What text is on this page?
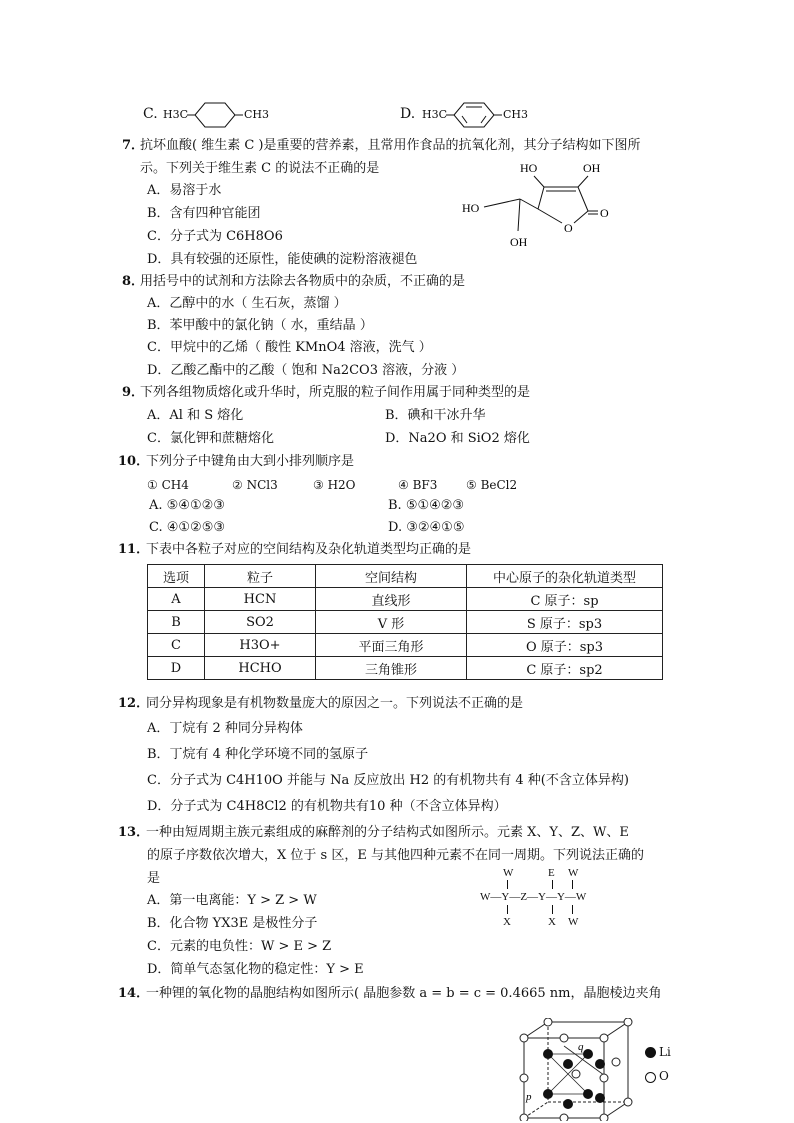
C. H3C	CH3	D. H3C	CH3
7．
抗坏血酸( 维生素 C )是重要的营养素，且常用作食品的抗氧化剂，其分子结构如下图所
示。下列关于维生素 C 的说法不正确的是
A．易溶于水
B．含有四种官能团
C．分子式为 C6H8O6
D．具有较强的还原性，能使碘的淀粉溶液褪色
HO	OH
HO
OH
O
O
8．
用括号中的试剂和方法除去各物质中的杂质，不正确的是
A．乙醇中的水（ 生石灰，蒸馏 ）
B．苯甲酸中的氯化钠（ 水，重结晶 ）
C．甲烷中的乙烯（ 酸性 KMnO4 溶液，洗气 ）
D．乙酸乙酯中的乙酸（ 饱和 Na2CO3 溶液，分液 ）
9．
下列各组物质熔化或升华时，所克服的粒子间作用属于同种类型的是
A．Al 和 S 熔化	B．碘和干冰升华
C．氯化钾和蔗糖熔化	D．Na2O 和 SiO2 熔化
10．
下列分子中键角由大到小排列顺序是
① CH4	② NCl3	③ H2O	④ BF3 ⑤ BeCl2
A. ⑤④①②③	B. ⑤①④②③
C. ④①②⑤③	D. ③②④①⑤
11．
下表中各粒子对应的空间结构及杂化轨道类型均正确的是
选项	粒子	空间结构	中心原子的杂化轨道类型
A	HCN	直线形	C 原子：sp
B	SO2	V 形	S 原子：sp3
C	H3O+	平面三角形	O 原子：sp3
D	HCHO	三角锥形	C 原子：sp2
12．
同分异构现象是有机物数量庞大的原因之一。下列说法不正确的是
A．丁烷有 2 种同分异构体
B．丁烷有 4 种化学环境不同的氢原子
C．分子式为 C4H10O 并能与 Na 反应放出 H2 的有机物共有 4 种(不含立体异构)
D．分子式为 C4H8Cl2 的有机物共有10 种（不含立体异构）
13．
一种由短周期主族元素组成的麻醉剂的分子结构式如图所示。元素 X、Y、Z、W、E
的原子序数依次增大，X 位于 s 区，E 与其他四种元素不在同一周期。下列说法正确的
是
A．第一电离能：Y > Z > W
B．化合物 YX3E 是极性分子
C．元素的电负性：W > E > Z
D．简单气态氢化物的稳定性：Y > E
W	E W
W—Y—Z—Y—Y—W
X	X W
14．
一种锂的氧化物的晶胞结构如图所示( 晶胞参数 a = b = c = 0.4665 nm，晶胞棱边夹角
q
p
Li
O
